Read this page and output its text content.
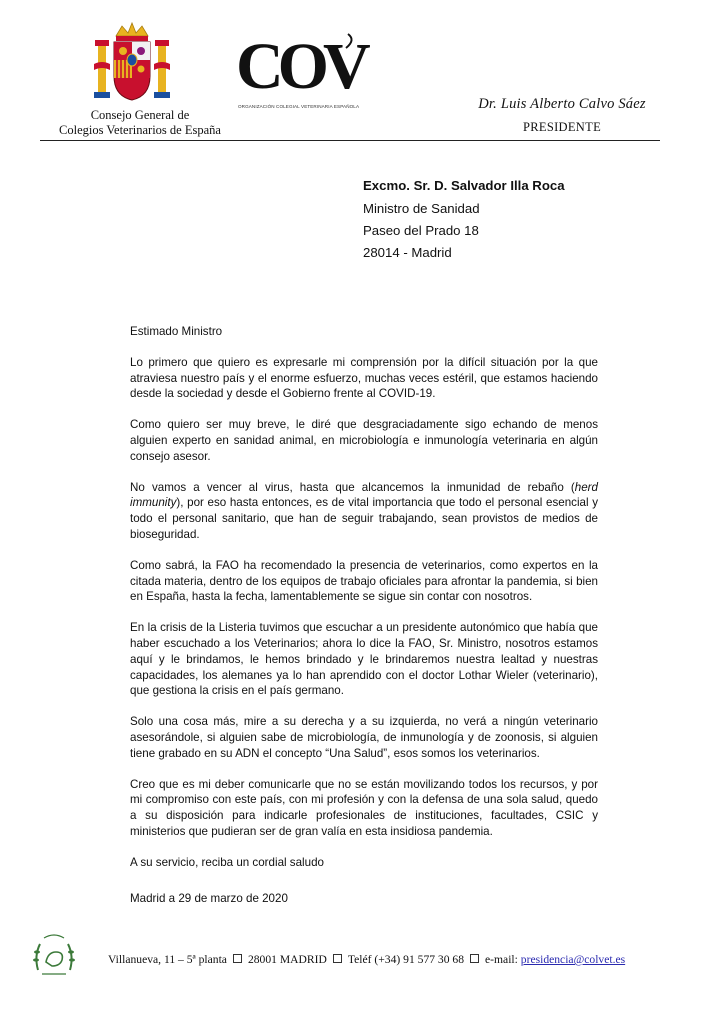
Consejo General de
Colegios Veterinarios de España
COV
ORGANIZACIÓN COLEGIAL VETERINARIA ESPAÑOLA	Dr. Luis Alberto Calvo Sáez
PRESIDENTE
Excmo. Sr. D. Salvador Illa Roca
Ministro de Sanidad
Paseo del Prado 18
28014 - Madrid

Estimado Ministro

Lo primero que quiero es expresarle mi comprensión por la difícil situación por la que atraviesa nuestro país y el enorme esfuerzo, muchas veces estéril, que estamos haciendo desde la sociedad y desde el Gobierno frente al COVID-19.

Como quiero ser muy breve, le diré que desgraciadamente sigo echando de menos alguien experto en sanidad animal, en microbiología e inmunología veterinaria en algún consejo asesor.

No vamos a vencer al virus, hasta que alcancemos la inmunidad de rebaño (herd immunity), por eso hasta entonces, es de vital importancia que todo el personal esencial y todo el personal sanitario, que han de seguir trabajando, sean provistos de medios de bioseguridad.

Como sabrá, la FAO ha recomendado la presencia de veterinarios, como expertos en la citada materia, dentro de los equipos de trabajo oficiales para afrontar la pandemia, si bien en España, hasta la fecha, lamentablemente se sigue sin contar con nosotros.

En la crisis de la Listeria tuvimos que escuchar a un presidente autonómico que había que haber escuchado a los Veterinarios; ahora lo dice la FAO, Sr. Ministro, nosotros estamos aquí y le brindamos, le hemos brindado y le brindaremos nuestra lealtad y nuestras capacidades, los alemanes ya lo han aprendido con el doctor Lothar Wieler (veterinario), que gestiona la crisis en el país germano.

Solo una cosa más, mire a su derecha y a su izquierda, no verá a ningún veterinario asesorándole, si alguien sabe de microbiología, de inmunología y de zoonosis, si alguien tiene grabado en su ADN el concepto “Una Salud”, esos somos los veterinarios.

Creo que es mi deber comunicarle que no se están movilizando todos los recursos, y por mi compromiso con este país, con mi profesión y con la defensa de una sola salud, quedo a su disposición para indicarle profesionales de instituciones, facultades, CSIC y ministerios que pudieran ser de gran valía en esta insidiosa pandemia.

A su servicio, reciba un cordial saludo

Madrid a 29 de marzo de 2020

Villanueva, 11 – 5ª planta 28001 MADRID Teléf (+34) 91 577 30 68 e-mail: presidencia@colvet.es
